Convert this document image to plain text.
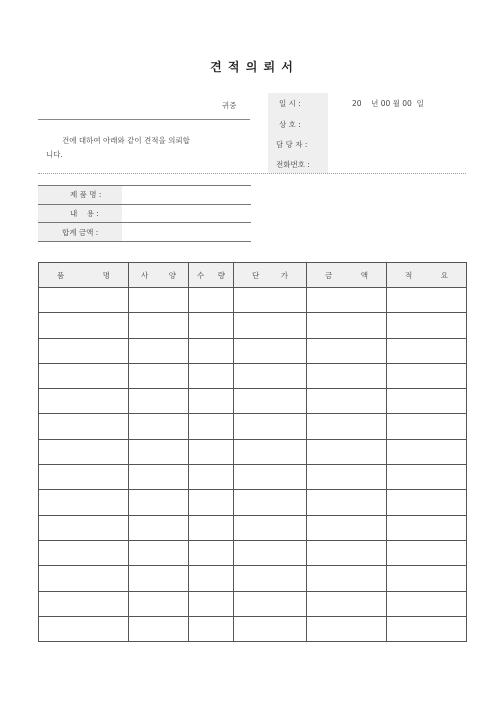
견 적 의 뢰 서
귀중
건에 대하여 아래와 같이 견적을 의뢰합
니다.
일 시 :	20    년 00 월 00  일
상 호 :
담 당 자 :
전화번호 :
제 품 명 :
내    용 :
합계 금액 :
품 명	사 양	수 량	단 가	금 액	적 요
